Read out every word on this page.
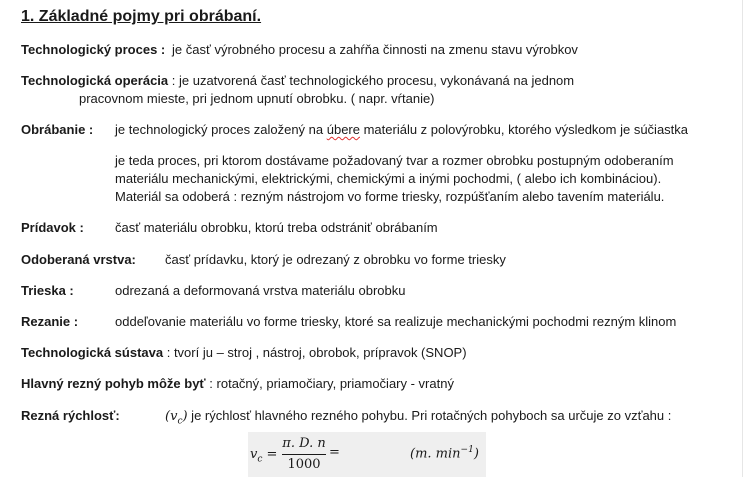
1. Základné pojmy pri obrábaní.
Technologický proces : je časť výrobného procesu a zahŕňa činnosti na zmenu stavu výrobkov
Technologická operácia : je uzatvorená časť technologického procesu, vykonávaná na jednom
pracovnom mieste, pri jednom upnutí obrobku. ( napr. vŕtanie)
Obrábanie : je technologický proces založený na úbere materiálu z polovýrobku, ktorého výsledkom je súčiastka
je teda proces, pri ktorom dostávame požadovaný tvar a rozmer obrobku postupným odoberaním
materiálu mechanickými, elektrickými, chemickými a inými pochodmi, ( alebo ich kombináciou).
Materiál sa odoberá : rezným nástrojom vo forme triesky, rozpúšťaním alebo tavením materiálu.
Prídavok : časť materiálu obrobku, ktorú treba odstrániť obrábaním
Odoberaná vrstva: časť prídavku, ktorý je odrezaný z obrobku vo forme triesky
Trieska :	odrezaná a deformovaná vrstva materiálu obrobku
Rezanie :	oddeľovanie materiálu vo forme triesky, ktoré sa realizuje mechanickými pochodmi rezným klinom
Technologická sústava : tvorí ju – stroj , nástroj, obrobok, prípravok (SNOP)
Hlavný rezný pohyb môže byť : rotačný, priamočiary, priamočiary - vratný
Rezná rýchlosť:	$(v_c)$ je rýchlosť hlavného rezného pohybu. Pri rotačných pohyboch sa určuje zo vzťahu :
$v_c$ =
π. D. n
1000
=	(m. $\min^{-1}$)
